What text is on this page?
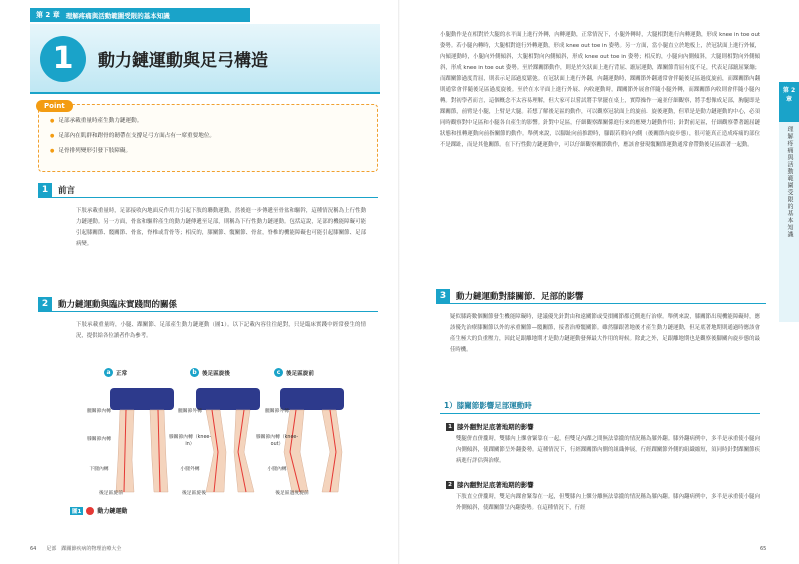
第 2 章 理解疼痛與活動範圍受限的基本知識
1	動力鏈運動與足弓構造
Point
● 足部承載重量時產生動力鏈運動。
● 足部內在肌群和跗骨的韌帶在支撐足弓方面占有一席重要地位。
● 足骨排列變形引發下肢障礙。
1	前言
下肢承載重量時，足部接收內地面反作用力引起下肢的聯動運動，然後進一步傳遞至骨盆和驅幹，這種情況稱為上行性動力鏈運動。另一方面，骨盆和驅幹產生的動力鏈傳遞至足部，則稱為下行性動力鏈運動。包括這說，足部的機能障礙可能引起膝關節、髖關節、骨盆，脊椎或背骨等；相反的，膝關節、髖關節、骨盆，脊椎的機能障礙也可能引起膝關節、足部病變。
2	動力鏈運動與臨床實踐間的關係
下肢承載重量時，小腿、踝關節、足部產生動力鏈運動（圖1）。以下記載內容往往絕對，只是臨床實踐中經常發生的情況，提供給各位讀者作為參考。
a 正常	b 後足區旋後	c	後足區旋前
髖關節內轉
膝關節內轉
下腿內轉
後足區旋前
髖關節外轉
膝關節內轉（knee-in）
小腿外轉
後足區旋後
髖關節外轉
膝關節內轉（knee-out）
小腿內轉
後足區過度旋前
圖1	動力鏈運動
64　　足部　踝關節疾病的物理治療大全
小腿動作是在相對於大腿的水平面上進行外轉，內轉運動，正常情況下，小腿外轉時，大腿相對進行內轉運動，形成 knee in toe out 姿勢。若小腿內轉時，大腿相對進行外轉運動，形成 knee out toe in 姿勢。另一方面，當小腿直立於地板上，於冠狀面上進行外傾，內傾運動時，小腿向外側傾斜，大腿相對向內側傾斜，形成 knee out toe in 姿勢；相反的，小腿向內側傾斜，大腿則相對向外側傾斜，形成 knee in toe out 姿勢。至於踝關節動作，則是於矢狀面上進行背屈、蹠屈運動，踝關節背屈有度不足，代表足部蹠屈緊繃；而踝關節過度背屈，則表示足部過度鬆弛。在冠狀面上進行外翻，內翻運動時，踝關節外翻通常會伴隨後足區過度旋前，而踝關節內翻則通常會伴隨後足區過度旋後。至於在水平面上進行外展、內收運動時，踝關節外展會伴隨小腿外轉，而踝關節內收則會伴隨小腿內轉。對初學者而言，這個概念不太容易理解，但大家可以嘗試將手掌擺在桌上，實際操作一遍並仔細觀察，將手想像成足部，胸腿即是踝關節，前臂是小腿，上臂是大腿。若想了解後足區的動作，可以觀察冠狀面上的旋前．旋後運動，但單是是動力鏈運動的中心，必須同時觀察對中足區和小腿各自產生的影響。針對中足區，仔細觀察踝關係進行來的應變力鏈動作用；針對前足區，仔細觀察帶著蹠屈鏈狀態和扭轉運動向前指關節的動作。舉例來說，以腳趾向前推蹬時，腳跟若朝向內側（後關節內旋步態），很可能真正造成疼痛的部位不是踝趾，而是其他關節。在下行性動力鏈運動中，可以仔細觀察關節動作，應該會發現髖關節運動通常會帶動後足區跟著一起動。
3	動力鏈運動對膝關節．足部的影響
疑似膝跨數個關節發生機能障礙時，建議優先針對由和遠關節或受損關節都近側進行治療。舉例來說，膝關節出現機能障礙時，應該優先治療膝關節以外的承重關節—髖關節，接著治療髖關節。雖然腳跟著地後才產生動力鏈運動，但足底著地期則通過時應該會產生極大的負重壓力，因此足跟離地期才是動力鏈運動發揮最大作用的時候。除此之外，足跟離地期也是觀察後腳關內旋步態的最佳時機。
65
1）膝關節影響足部運動時
1 膝外翻對足底著地期的影響
雙腿併直併攏時，雙膝內上髁會緊靠在一起，但雙足內踝之間無法靠攏的情況稱為膝外翻。膝外翻病例中，多半是承重使小腿向內側傾斜，使踝關節呈外翻姿勢。這種情況下，行經踝關節內側的組織伸展，行經踝關節外側的組織縮短，須同時針對踝關節疾病進行評估與治療。
2 膝內翻對足底著地期的影響
下肢直立併攏時，雙足內踝會緊靠在一起，但雙膝內上髁分離無法靠攏的情況稱為膝內翻。膝內翻病例中，多半是承重使小腿向外側傾斜，使踝關節呈內翻姿勢。在這種情況下，行經
第 2 章
理解疼痛與活動範圍受限的基本知識
